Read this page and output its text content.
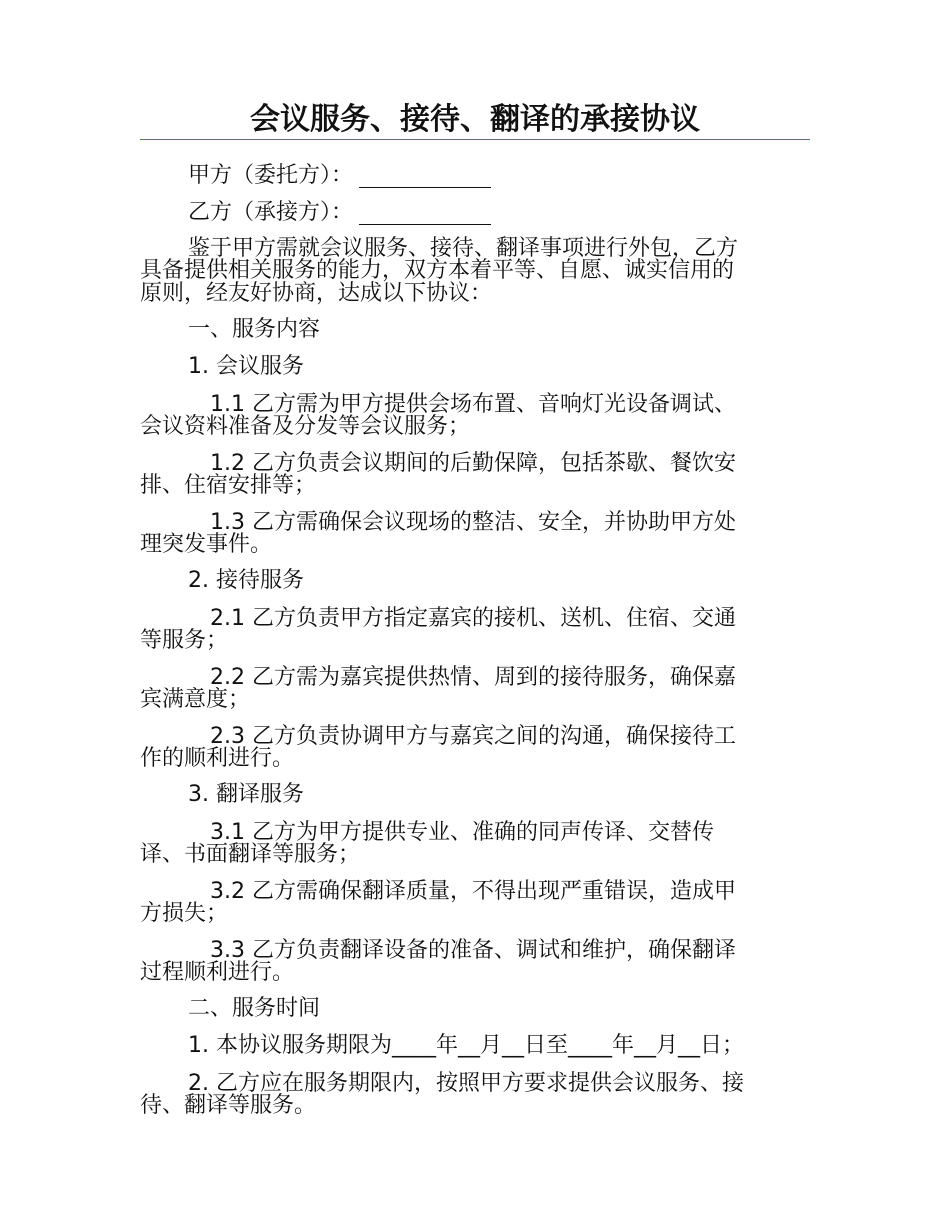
会议服务、接待、翻译的承接协议

甲方（委托方）：

乙方（承接方）：

鉴于甲方需就会议服务、接待、翻译事项进行外包，乙方

具备提供相关服务的能力，双方本着平等、自愿、诚实信用的

原则，经友好协商，达成以下协议：

一、服务内容

1. 会议服务

1.1 乙方需为甲方提供会场布置、音响灯光设备调试、

会议资料准备及分发等会议服务；

1.2 乙方负责会议期间的后勤保障，包括茶歇、餐饮安

排、住宿安排等；

1.3 乙方需确保会议现场的整洁、安全，并协助甲方处

理突发事件。

2. 接待服务

2.1 乙方负责甲方指定嘉宾的接机、送机、住宿、交通

等服务；

2.2 乙方需为嘉宾提供热情、周到的接待服务，确保嘉

宾满意度；

2.3 乙方负责协调甲方与嘉宾之间的沟通，确保接待工

作的顺利进行。

3. 翻译服务

3.1 乙方为甲方提供专业、准确的同声传译、交替传

译、书面翻译等服务；

3.2 乙方需确保翻译质量，不得出现严重错误，造成甲

方损失；

3.3 乙方负责翻译设备的准备、调试和维护，确保翻译

过程顺利进行。

二、服务时间

1. 本协议服务期限为____年__月__日至____年__月__日；

2. 乙方应在服务期限内，按照甲方要求提供会议服务、接

待、翻译等服务。
